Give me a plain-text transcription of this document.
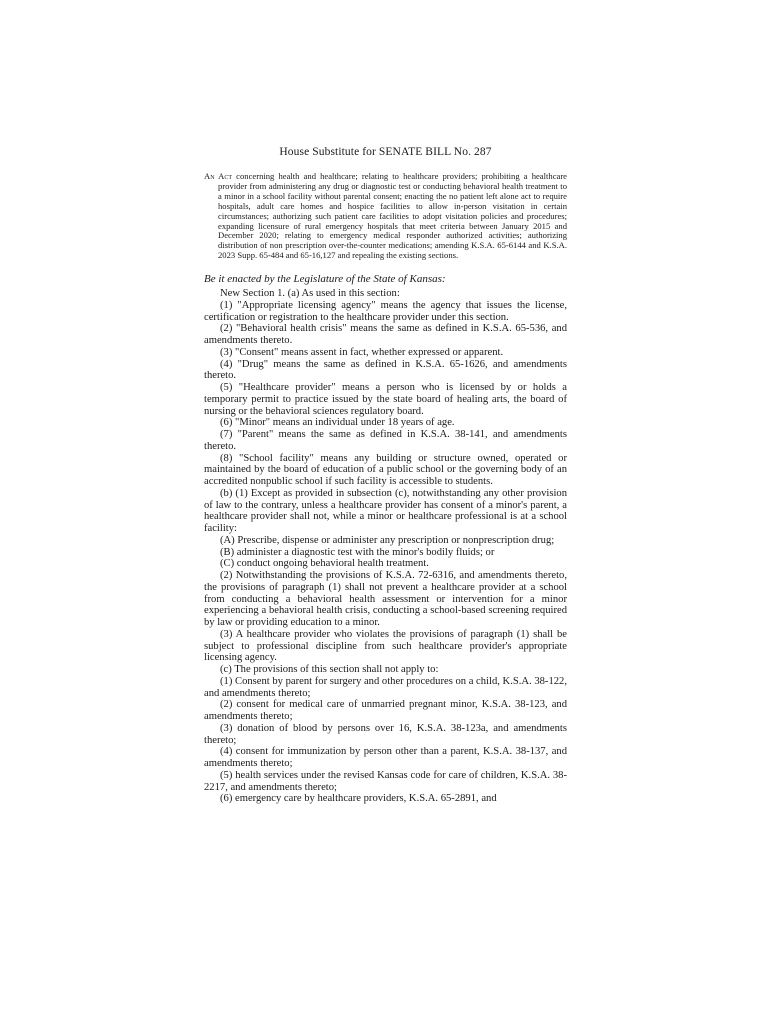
House Substitute for SENATE BILL No. 287
An Act concerning health and healthcare; relating to healthcare providers; prohibiting a healthcare provider from administering any drug or diagnostic test or conducting behavioral health treatment to a minor in a school facility without parental consent; enacting the no patient left alone act to require hospitals, adult care homes and hospice facilities to allow in-person visitation in certain circumstances; authorizing such patient care facilities to adopt visitation policies and procedures; expanding licensure of rural emergency hospitals that meet criteria between January 2015 and December 2020; relating to emergency medical responder authorized activities; authorizing distribution of non prescription over-the-counter medications; amending K.S.A. 65-6144 and K.S.A. 2023 Supp. 65-484 and 65-16,127 and repealing the existing sections.
Be it enacted by the Legislature of the State of Kansas:

New Section 1. (a) As used in this section:

(1) "Appropriate licensing agency" means the agency that issues the license, certification or registration to the healthcare provider under this section.

(2) "Behavioral health crisis" means the same as defined in K.S.A. 65-536, and amendments thereto.

(3) "Consent" means assent in fact, whether expressed or apparent.

(4) "Drug" means the same as defined in K.S.A. 65-1626, and amendments thereto.

(5) "Healthcare provider" means a person who is licensed by or holds a temporary permit to practice issued by the state board of healing arts, the board of nursing or the behavioral sciences regulatory board.

(6) "Minor" means an individual under 18 years of age.

(7) "Parent" means the same as defined in K.S.A. 38-141, and amendments thereto.

(8) "School facility" means any building or structure owned, operated or maintained by the board of education of a public school or the governing body of an accredited nonpublic school if such facility is accessible to students.

(b) (1) Except as provided in subsection (c), notwithstanding any other provision of law to the contrary, unless a healthcare provider has consent of a minor's parent, a healthcare provider shall not, while a minor or healthcare professional is at a school facility:

(A) Prescribe, dispense or administer any prescription or nonprescription drug;

(B) administer a diagnostic test with the minor's bodily fluids; or

(C) conduct ongoing behavioral health treatment.

(2) Notwithstanding the provisions of K.S.A. 72-6316, and amendments thereto, the provisions of paragraph (1) shall not prevent a healthcare provider at a school from conducting a behavioral health assessment or intervention for a minor experiencing a behavioral health crisis, conducting a school-based screening required by law or providing education to a minor.

(3) A healthcare provider who violates the provisions of paragraph (1) shall be subject to professional discipline from such healthcare provider's appropriate licensing agency.

(c) The provisions of this section shall not apply to:

(1) Consent by parent for surgery and other procedures on a child, K.S.A. 38-122, and amendments thereto;

(2) consent for medical care of unmarried pregnant minor, K.S.A. 38-123, and amendments thereto;

(3) donation of blood by persons over 16, K.S.A. 38-123a, and amendments thereto;

(4) consent for immunization by person other than a parent, K.S.A. 38-137, and amendments thereto;

(5) health services under the revised Kansas code for care of children, K.S.A. 38-2217, and amendments thereto;

(6) emergency care by healthcare providers, K.S.A. 65-2891, and
